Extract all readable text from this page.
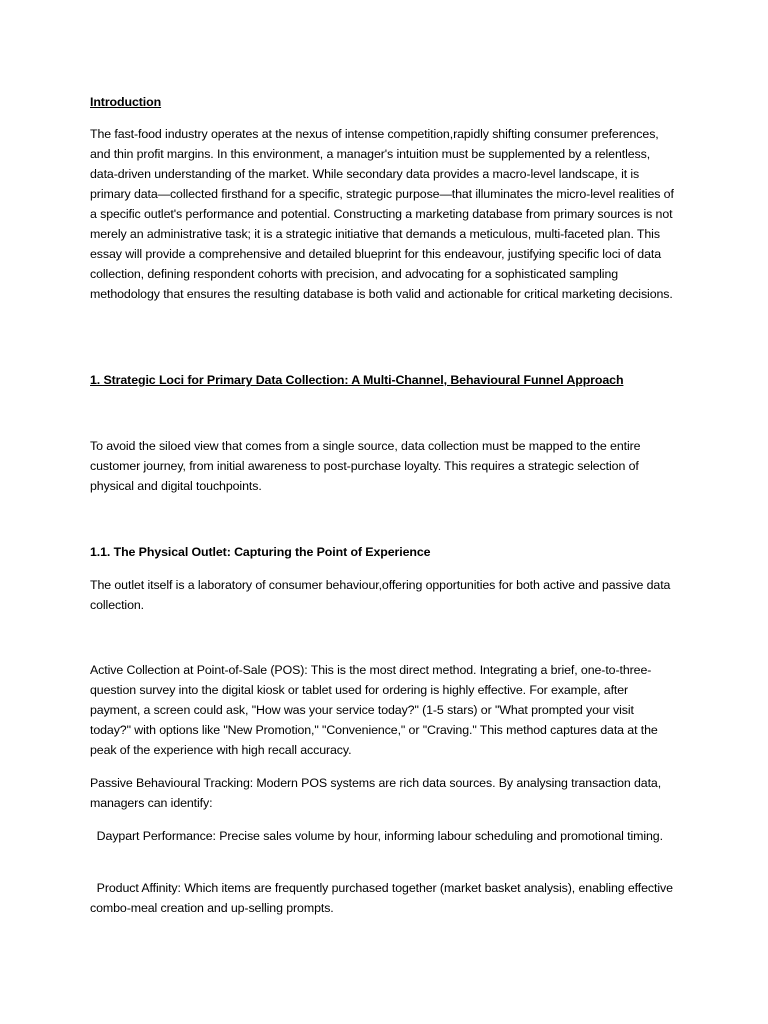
Introduction

The fast-food industry operates at the nexus of intense competition,rapidly shifting consumer preferences, and thin profit margins. In this environment, a manager's intuition must be supplemented by a relentless, data-driven understanding of the market. While secondary data provides a macro-level landscape, it is primary data—collected firsthand for a specific, strategic purpose—that illuminates the micro-level realities of a specific outlet's performance and potential. Constructing a marketing database from primary sources is not merely an administrative task; it is a strategic initiative that demands a meticulous, multi-faceted plan. This essay will provide a comprehensive and detailed blueprint for this endeavour, justifying specific loci of data collection, defining respondent cohorts with precision, and advocating for a sophisticated sampling methodology that ensures the resulting database is both valid and actionable for critical marketing decisions.

1. Strategic Loci for Primary Data Collection: A Multi-Channel, Behavioural Funnel Approach

To avoid the siloed view that comes from a single source, data collection must be mapped to the entire customer journey, from initial awareness to post-purchase loyalty. This requires a strategic selection of physical and digital touchpoints.

1.1. The Physical Outlet: Capturing the Point of Experience

The outlet itself is a laboratory of consumer behaviour,offering opportunities for both active and passive data collection.

Active Collection at Point-of-Sale (POS): This is the most direct method. Integrating a brief, one-to-three-question survey into the digital kiosk or tablet used for ordering is highly effective. For example, after payment, a screen could ask, "How was your service today?" (1-5 stars) or "What prompted your visit today?" with options like "New Promotion," "Convenience," or "Craving." This method captures data at the peak of the experience with high recall accuracy.

Passive Behavioural Tracking: Modern POS systems are rich data sources. By analysing transaction data, managers can identify:

Daypart Performance: Precise sales volume by hour, informing labour scheduling and promotional timing.

Product Affinity: Which items are frequently purchased together (market basket analysis), enabling effective combo-meal creation and up-selling prompts.
